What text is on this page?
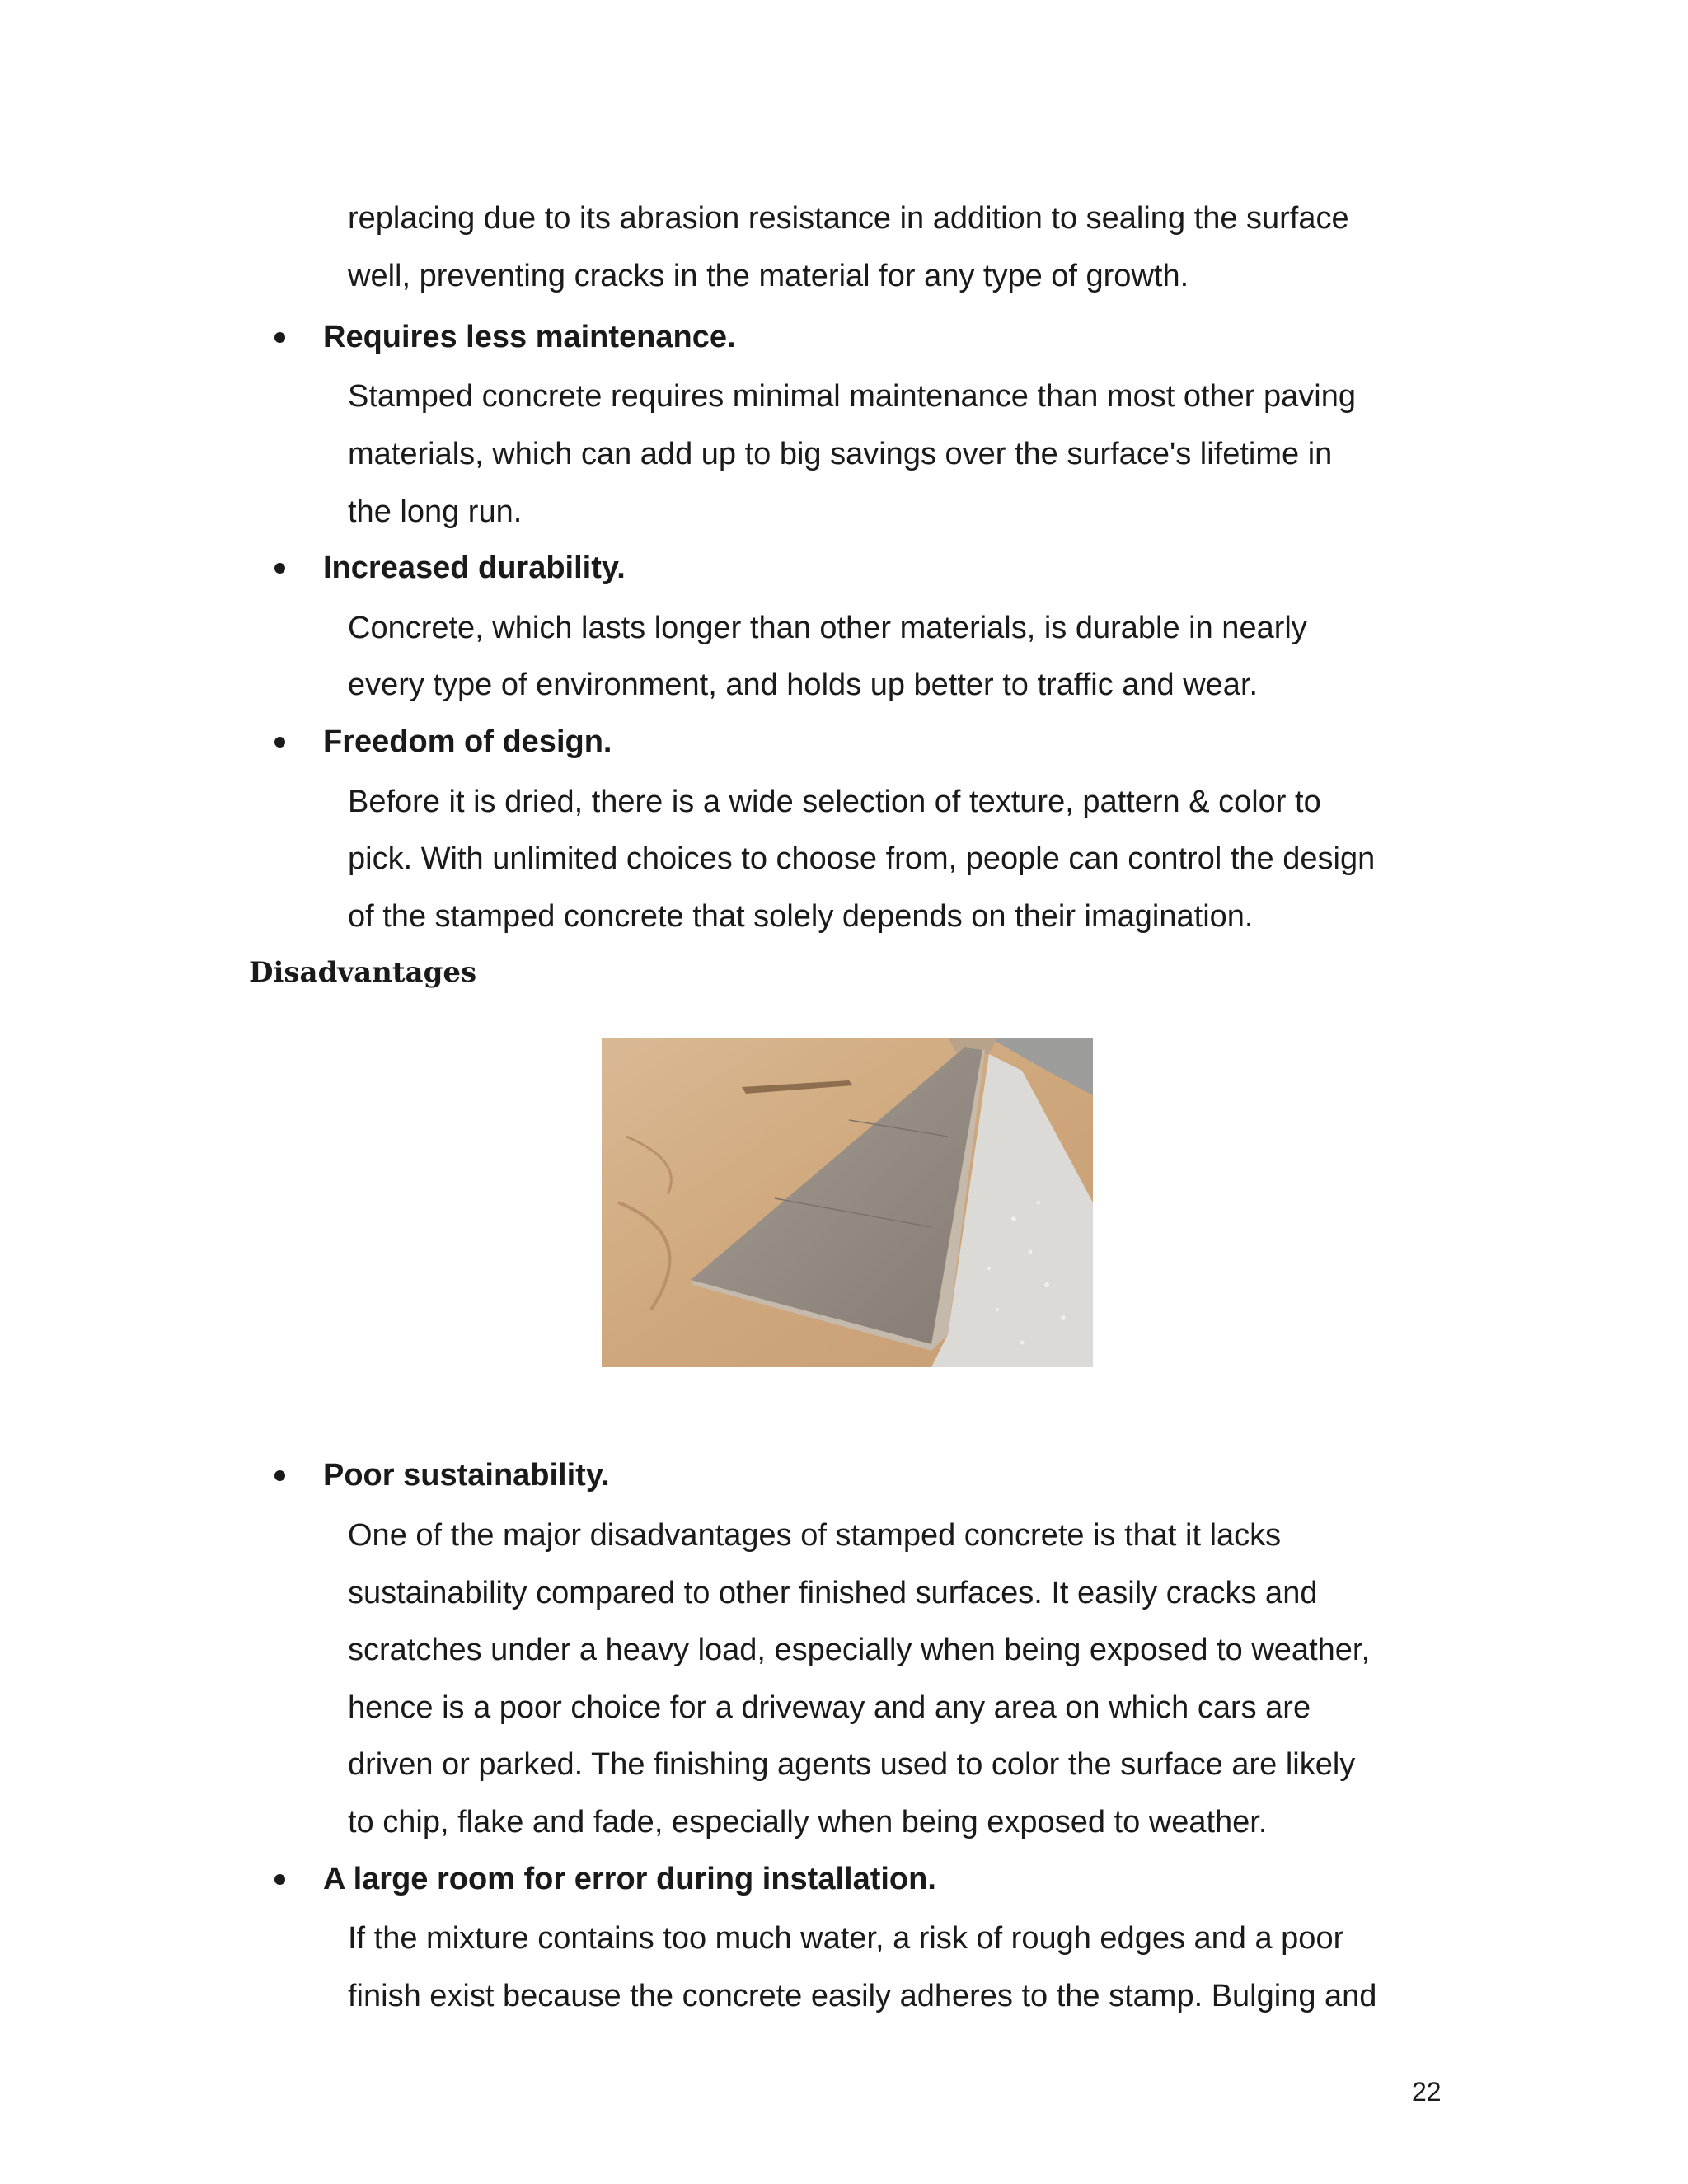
replacing due to its abrasion resistance in addition to sealing the surface
well, preventing cracks in the material for any type of growth.
Requires less maintenance.
Stamped concrete requires minimal maintenance than most other paving
materials, which can add up to big savings over the surface's lifetime in
the long run.
Increased durability.
Concrete, which lasts longer than other materials, is durable in nearly
every type of environment, and holds up better to traffic and wear.
Freedom of design.
Before it is dried, there is a wide selection of texture, pattern & color to
pick. With unlimited choices to choose from, people can control the design
of the stamped concrete that solely depends on their imagination.
Disadvantages
Poor sustainability.
One of the major disadvantages of stamped concrete is that it lacks
sustainability compared to other finished surfaces. It easily cracks and
scratches under a heavy load, especially when being exposed to weather,
hence is a poor choice for a driveway and any area on which cars are
driven or parked. The finishing agents used to color the surface are likely
to chip, flake and fade, especially when being exposed to weather.
A large room for error during installation.
If the mixture contains too much water, a risk of rough edges and a poor
finish exist because the concrete easily adheres to the stamp. Bulging and
22
